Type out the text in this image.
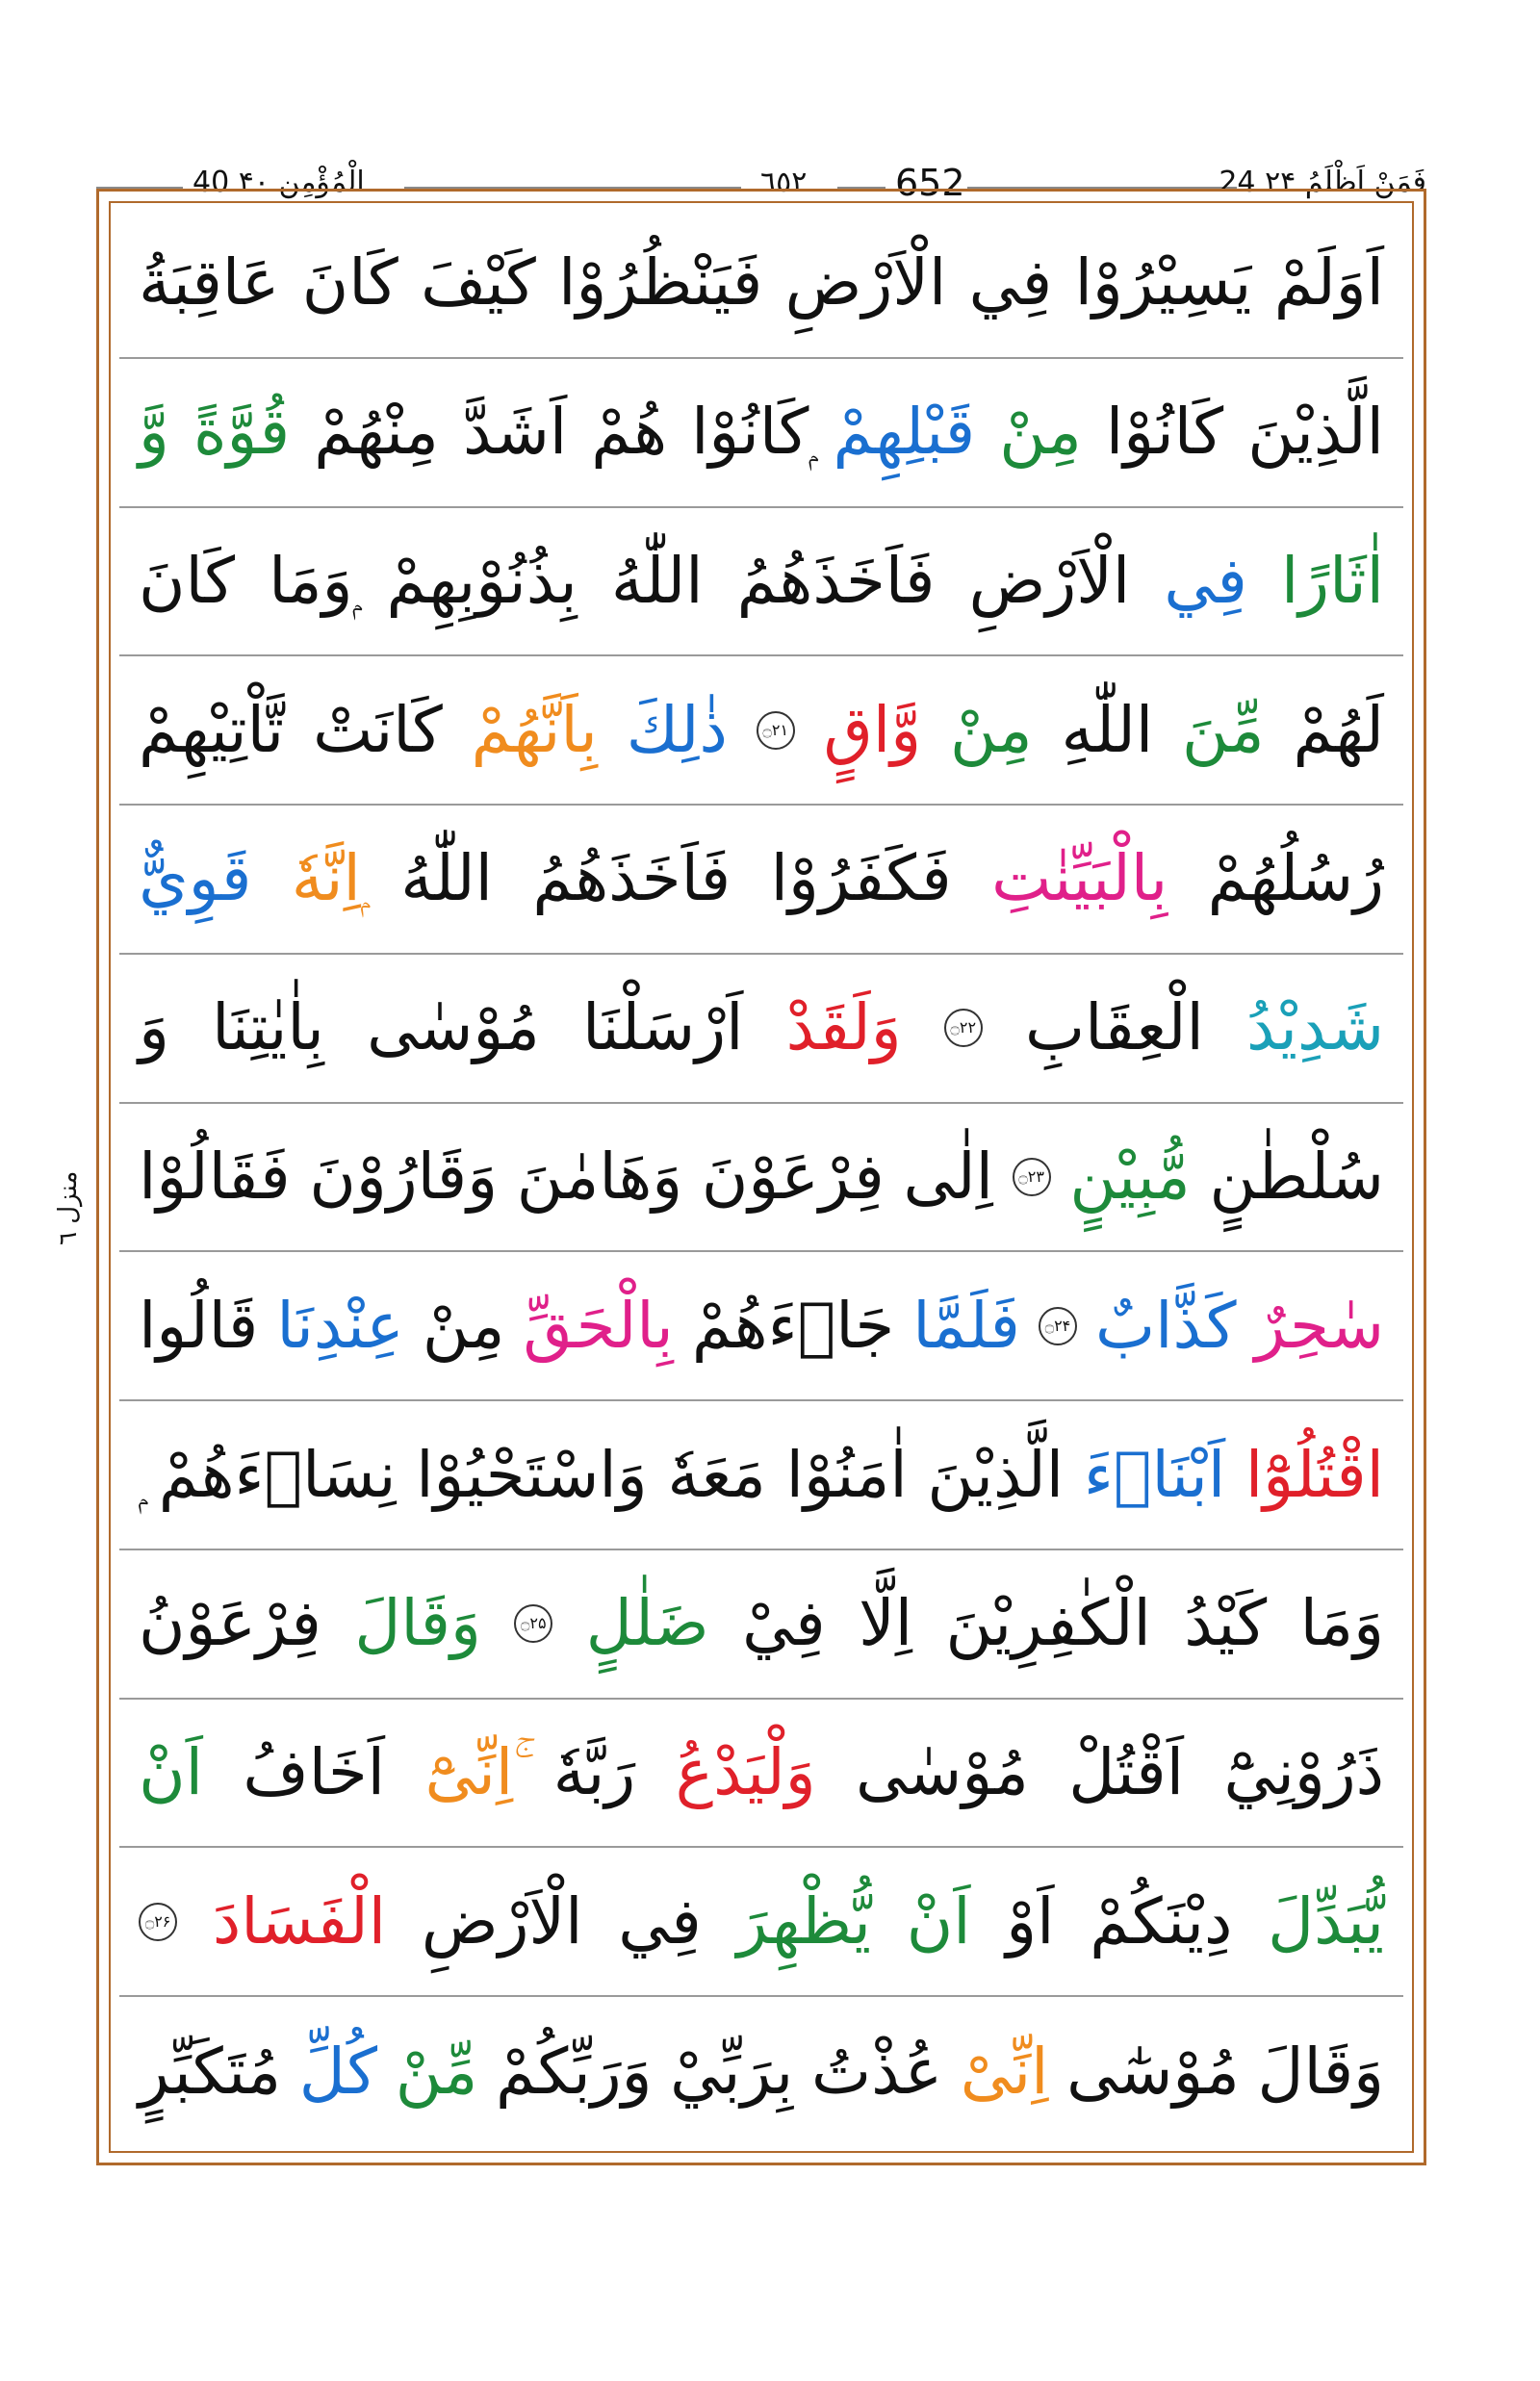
40 الْمُؤْمِن ۴۰	٦٥٢ 652	24 فَمَنْ اَظْلَمُ ۲۴
منزل ٦
اَوَلَمْ
يَسِيْرُوْا
فِي
الْاَرْضِ
فَيَنْظُرُوْا
كَيْفَ
كَانَ
عَاقِبَةُ
الَّذِيْنَ
كَانُوْا
مِنْ
قَبْلِهِمْ
ۭكَانُوْا
هُمْ
اَشَدَّ
مِنْهُمْ
قُوَّةً
وَّ
اٰثَارًا
فِي
الْاَرْضِ
فَاَخَذَهُمُ
اللّٰهُ
بِذُنُوْبِهِمْ
ۭوَمَا
كَانَ
لَهُمْ
مِّنَ
اللّٰهِ
مِنْ
وَّاقٍ
۝۲۱
ذٰلِكَ
بِاَنَّهُمْ
كَانَتْ
تَّاْتِيْهِمْ
رُسُلُهُمْ
بِالْبَيِّنٰتِ
فَكَفَرُوْا
فَاَخَذَهُمُ
اللّٰهُ
ۭاِنَّهٗ
قَوِيٌّ
شَدِيْدُ
الْعِقَابِ
۝۲۲
وَلَقَدْ
اَرْسَلْنَا
مُوْسٰى
بِاٰيٰتِنَا
وَ
سُلْطٰنٍ
مُّبِيْنٍ
۝۲۳
اِلٰى
فِرْعَوْنَ
وَهَامٰنَ
وَقَارُوْنَ
فَقَالُوْا
سٰحِرٌ
كَذَّابٌ
۝۲۴
فَلَمَّا
جَاۗءَهُمْ
بِالْحَقِّ
مِنْ
عِنْدِنَا
قَالُوا
اقْتُلُوْٓا
اَبْنَاۗءَ
الَّذِيْنَ
اٰمَنُوْا
مَعَهٗ
وَاسْتَحْيُوْا
نِسَاۗءَهُمْ
وَمَا
كَيْدُ
الْكٰفِرِيْنَ
اِلَّا
فِيْ
ضَلٰلٍ
۝۲۵
وَقَالَ
فِرْعَوْنُ
ذَرُوْنِيْٓ
اَقْتُلْ
مُوْسٰى
وَلْيَدْعُ
رَبَّهٗ
ۚاِنِّىْٓ
اَخَافُ
اَنْ
يُّبَدِّلَ
دِيْنَكُمْ
اَوْ
اَنْ
يُّظْهِرَ
فِي
الْاَرْضِ
الْفَسَادَ
۝۲۶
وَقَالَ
مُوْسٰٓى
اِنِّىْ
عُذْتُ
بِرَبِّيْ
وَرَبِّكُمْ
مِّنْ
كُلِّ
مُتَكَبِّرٍ
